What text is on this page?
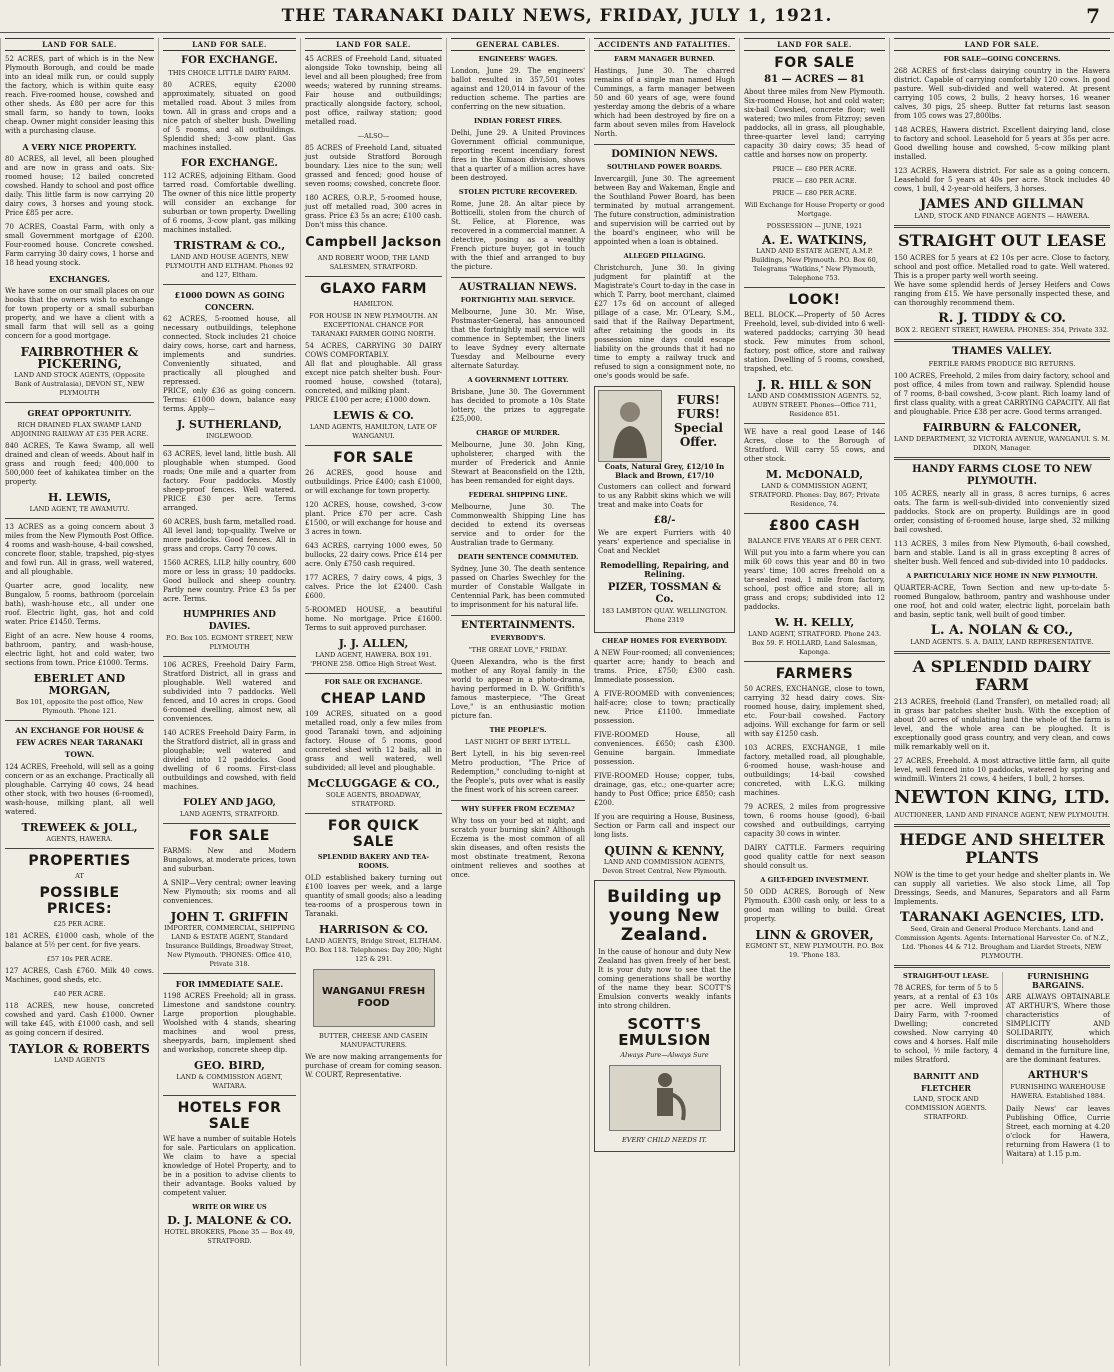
THE TARANAKI DAILY NEWS, FRIDAY, JULY 1, 1921.	7
LAND FOR SALE.

52 ACRES, part of which is in the New Plymouth Borough, and could be made into an ideal milk run, or could supply the factory, which is within quite easy reach. Five-roomed house, cowshed and other sheds. As £80 per acre for this small farm, so handy to town, looks cheap. Owner might consider leasing this with a purchasing clause.

A VERY NICE PROPERTY.

80 ACRES, all level, all been ploughed and are now in grass and oats. Six-roomed house; 12 bailed concreted cowshed. Handy to school and post office daily. This little farm is now carrying 20 dairy cows, 3 horses and young stock. Price £85 per acre.

70 ACRES, Coastal Farm, with only a small Government mortgage of £200. Four-roomed house. Concrete cowshed. Farm carrying 30 dairy cows, 1 horse and 18 head young stock.

EXCHANGES.

We have some on our small places on our books that the owners wish to exchange for town property or a small suburban property, and we have a client with a small farm that will sell as a going concern for a good mortgage.

FAIRBROTHER & PICKERING,
LAND AND STOCK AGENTS, (Opposite Bank of Australasia), DEVON ST., NEW PLYMOUTH
GREAT OPPORTUNITY.
RICH DRAINED FLAX SWAMP LAND ADJOINING RAILWAY AT £35 PER ACRE.

840 ACRES, Te Kawa Swamp, all well drained and clean of weeds. About half in grass and rough feed; 400,000 to 500,000 feet of kahikatea timber on the property.

H. LEWIS,
LAND AGENT, TE AWAMUTU.

13 ACRES as a going concern about 3 miles from the New Plymouth Post Office. 4 rooms and wash-house, 4-bail cowshed, concrete floor, stable, trapshed, pig-styes and fowl run. All in grass, well watered, and all ploughable.

Quarter acre, good locality, new Bungalow, 5 rooms, bathroom (porcelain bath), wash-house etc., all under one roof. Electric light, gas, hot and cold water. Price £1450. Terms.

Eight of an acre. New house 4 rooms, bathroom, pantry, and wash-house, electric light, hot and cold water, two sections from town. Price £1000. Terms.

EBERLET AND MORGAN,
Box 101, opposite the post office, New Plymouth. 'Phone 121.
AN EXCHANGE FOR HOUSE & FEW ACRES NEAR TARANAKI TOWN.

124 ACRES, Freehold, will sell as a going concern or as an exchange. Practically all ploughable. Carrying 40 cows, 24 head other stock, with two houses (6-roomed), wash-house, milking plant, all well watered.

TREWEEK & JOLL,
AGENTS, HAWERA.
PROPERTIES
AT
POSSIBLE PRICES:
£25 PER ACRE.

181 ACRES, £1000 cash, whole of the balance at 5½ per cent. for five years.

£57 10s PER ACRE.

127 ACRES, Cash £760. Milk 40 cows. Machines, good sheds, etc.

£40 PER ACRE.

118 ACRES, new house, concreted cowshed and yard. Cash £1000. Owner will take £45, with £1000 cash, and sell as going concern if desired.

TAYLOR & ROBERTS
LAND AGENTS
LAND FOR SALE.
FOR EXCHANGE.
THIS CHOICE LITTLE DAIRY FARM.

80 ACRES, equity £2000 approximately, situated on good metalled road. About 3 miles from town. All in grass and crops and a nice patch of shelter bush. Dwelling of 5 rooms, and all outbuildings. Splendid shed; 3-cow plant. Gas machines installed.

FOR EXCHANGE.

112 ACRES, adjoining Eltham. Good tarred road. Comfortable dwelling. The owner of this nice little property will consider an exchange for suburban or town property. Dwelling of 6 rooms, 3-cow plant, gas milking machines installed.

TRISTRAM & CO.,
LAND AND HOUSE AGENTS, NEW PLYMOUTH AND ELTHAM. Phones 92 and 127, Eltham.
£1000 DOWN AS GOING CONCERN.

62 ACRES, 5-roomed house, all necessary outbuildings, telephone connected. Stock includes 21 choice dairy cows, horse, cart and harness, implements and sundries. Conveniently situated, and practically all ploughed and repressed.

PRICE, only £36 as going concern. Terms: £1000 down, balance easy terms. Apply—

J. SUTHERLAND,
INGLEWOOD.

63 ACRES, level land, little bush. All ploughable when stumped. Good roads; One mile and a quarter from factory. Four paddocks. Mostly sheep-proof fences. Well watered. PRICE £30 per acre. Terms arranged.

60 ACRES, bush farm, metalled road. All level land; top-quality. Twelve or more paddocks. Good fences. All in grass and crops. Carry 70 cows.

1560 ACRES, LILP, hilly country, 600 more or less in grass; 10 paddocks. Good bullock and sheep country. Partly new country. Price £3 5s per acre. Terms.

HUMPHRIES AND DAVIES.
P.O. Box 105. EGMONT STREET, NEW PLYMOUTH

106 ACRES, Freehold Dairy Farm, Stratford District, all in grass and ploughable. Well watered and subdivided into 7 paddocks. Well fenced, and 10 acres in crops. Good 6-roomed dwelling, almost new, all conveniences.

140 ACRES Freehold Dairy Farm, in the Stratford district, all in grass and ploughable; well watered and divided into 12 paddocks. Good dwelling of 6 rooms. First-class outbuildings and cowshed, with field machines.

FOLEY AND JAGO,
LAND AGENTS, STRATFORD.
FOR SALE

FARMS: New and Modern Bungalows, at moderate prices, town and suburban.

A SNIP—Very central; owner leaving New Plymouth; six rooms and all conveniences.

JOHN T. GRIFFIN
IMPORTER, COMMERCIAL, SHIPPING LAND & ESTATE AGENT, Standard Insurance Buildings, Broadway Street, New Plymouth. 'PHONES: Office 410, Private 318.
FOR IMMEDIATE SALE.

1198 ACRES Freehold; all in grass. Limestone and sandstone country. Large proportion ploughable. Woolshed with 4 stands, shearing machines and wool press, sheepyards, barn, implement shed and workshop, concrete sheep dip.

GEO. BIRD,
LAND & COMMISSION AGENT, WAITARA.
HOTELS FOR SALE

WE have a number of suitable Hotels for sale. Particulars on application. We claim to have a special knowledge of Hotel Property, and to be in a position to advise clients to their advantage. Books valued by competent valuer.

WRITE OR WIRE US
D. J. MALONE & CO.
HOTEL BROKERS, Phone 35 — Box 49, STRATFORD.
LAND FOR SALE.

45 ACRES of Freehold Land, situated alongside Toko township, being all level and all been ploughed; free from weeds; watered by running streams. Fair house and outbuildings; practically alongside factory, school, post office, railway station; good metalled road.

—ALSO—

85 ACRES of Freehold Land, situated just outside Stratford Borough boundary. Lies nice to the sun; well grassed and fenced; good house of seven rooms; cowshed, concrete floor.

180 ACRES, O.R.P., 5-roomed house, just off metalled road, 300 acres in grass. Price £3 5s an acre; £100 cash. Don't miss this chance.

Campbell Jackson
AND ROBERT WOOD, THE LAND SALESMEN, STRATFORD.
GLAXO FARM
HAMILTON.
FOR HOUSE IN NEW PLYMOUTH. AN EXCEPTIONAL CHANCE FOR TARANAKI FARMER GOING NORTH.

54 ACRES, CARRYING 30 DAIRY COWS COMFORTABLY.

All flat and ploughable. All grass except nice patch shelter bush. Four-roomed house, cowshed (totara), concreted, and milking plant.

PRICE £100 per acre; £1000 down.

LEWIS & CO.
LAND AGENTS, HAMILTON, LATE OF WANGANUI.
FOR SALE

26 ACRES, good house and outbuildings. Price £400; cash £1000, or will exchange for town property.

120 ACRES, house, cowshed, 3-cow plant. Price £70 per acre. Cash £1500, or will exchange for house and 3 acres in town.

643 ACRES, carrying 1000 ewes, 50 bullocks, 22 dairy cows. Price £14 per acre. Only £750 cash required.

177 ACRES, 7 dairy cows, 4 pigs, 3 calves. Price the lot £2400. Cash £600.

5-ROOMED HOUSE, a beautiful home. No mortgage. Price £1600. Terms to suit approved purchaser.

J. J. ALLEN,
LAND AGENT, HAWERA. BOX 191. 'PHONE 258. Office High Street West.
FOR SALE OR EXCHANGE.
CHEAP LAND

109 ACRES, situated on a good metalled road, only a few miles from good Taranaki town, and adjoining factory. House of 5 rooms, good concreted shed with 12 bails, all in grass and well watered, well subdivided; all level and ploughable.

McCLUGGAGE & CO.,
SOLE AGENTS, BROADWAY, STRATFORD.
FOR QUICK SALE
SPLENDID BAKERY AND TEA-ROOMS.

OLD established bakery turning out £100 loaves per week, and a large quantity of small goods; also a leading tea-rooms of a prosperous town in Taranaki.

HARRISON & CO.
LAND AGENTS, Bridge Street, ELTHAM. P.O. Box 118. Telephones: Day 200; Night 125 & 291.
WANGANUI FRESH FOOD
BUTTER, CHEESE AND CASEIN MANUFACTURERS.

We are now making arrangements for purchase of cream for coming season. W. COURT, Representative.

GENERAL CABLES.
ENGINEERS' WAGES.

London, June 29. The engineers' ballot resulted in 357,501 votes against and 120,014 in favour of the reduction scheme. The parties are conferring on the new situation.

INDIAN FOREST FIRES.

Delhi, June 29. A United Provinces Government official communique, reporting recent incendiary forest fires in the Kumaon division, shows that a quarter of a million acres have been destroyed.

STOLEN PICTURE RECOVERED.

Rome, June 28. An altar piece by Botticelli, stolen from the church of St. Felice, at Florence, was recovered in a commercial manner. A detective, posing as a wealthy French picture buyer, got in touch with the thief and arranged to buy the picture.

AUSTRALIAN NEWS.
FORTNIGHTLY MAIL SERVICE.

Melbourne, June 30. Mr. Wise, Postmaster-General, has announced that the fortnightly mail service will commence in September, the liners to leave Sydney every alternate Tuesday and Melbourne every alternate Saturday.

A GOVERNMENT LOTTERY.

Brisbane, June 30. The Government has decided to promote a 10s State lottery, the prizes to aggregate £25,000.

CHARGE OF MURDER.

Melbourne, June 30. John King, upholsterer, charged with the murder of Frederick and Annie Stewart at Beaconsfield on the 12th, has been remanded for eight days.

FEDERAL SHIPPING LINE.

Melbourne, June 30. The Commonwealth Shipping Line has decided to extend its overseas service and to order for the Australian trade to Germany.

DEATH SENTENCE COMMUTED.

Sydney, June 30. The death sentence passed on Charles Swechley for the murder of Constable Wallgate in Centennial Park, has been commuted to imprisonment for his natural life.

ENTERTAINMENTS.
EVERYBODY'S.
"THE GREAT LOVE," FRIDAY.

Queen Alexandra, who is the first mother of any Royal family in the world to appear in a photo-drama, having performed in D. W. Griffith's famous masterpiece, "The Great Love," is an enthusiastic motion picture fan.

THE PEOPLE'S.
LAST NIGHT OF BERT LYTELL.

Bert Lytell, in his big seven-reel Metro production, "The Price of Redemption," concluding to-night at the People's, puts over what is easily the finest work of his screen career.

WHY SUFFER FROM ECZEMA?

Why toss on your bed at night, and scratch your burning skin? Although Eczema is the most common of all skin diseases, and often resists the most obstinate treatment, Rexona ointment relieves and soothes at once.

ACCIDENTS AND FATALITIES.
FARM MANAGER BURNED.

Hastings, June 30. The charred remains of a single man named Hugh Cummings, a farm manager between 50 and 60 years of age, were found yesterday among the debris of a whare which had been destroyed by fire on a farm about seven miles from Havelock North.

DOMINION NEWS.
SOUTHLAND POWER BOARDS.

Invercargill, June 30. The agreement between Bay and Wakeman, Engle and the Southland Power Board, has been terminated by mutual arrangement. The future construction, administration and supervision will be carried out by the board's engineer, who will be appointed when a loan is obtained.

ALLEGED PILLAGING.

Christchurch, June 30. In giving judgment for plaintiff at the Magistrate's Court to-day in the case in which T. Parry, boot merchant, claimed £27 17s 6d on account of alleged pillage of a case, Mr. O'Leary, S.M., said that if the Railway Department, after retaining the goods in its possession nine days could escape liability on the grounds that it had no time to empty a railway truck and refused to sign a consignment note, no one's goods would be safe.

FURS! FURS! Special Offer.
Coats, Natural Grey, £12/10 In Black and Brown, £17/10

Customers can collect and forward to us any Rabbit skins which we will treat and make into Coats for

£8/-

We are expert Furriers with 40 years' experience and specialise in Coat and Necklet

Remodelling, Repairing, and Relining.
PIZER, TOSSMAN & Co.
183 LAMBTON QUAY. WELLINGTON. Phone 2319
CHEAP HOMES FOR EVERYBODY.

A NEW Four-roomed; all conveniences; quarter acre; handy to beach and trams. Price, £750; £300 cash. Immediate possession.

A FIVE-ROOMED with conveniences; half-acre; close to town; practically new. Price £1100. Immediate possession.

FIVE-ROOMED House, all conveniences. £650; cash £300. Genuine bargain. Immediate possession.

FIVE-ROOMED House; copper, tubs, drainage, gas, etc.; one-quarter acre; handy to Post Office; price £850; cash £200.

If you are requiring a House, Business, Section or Farm call and inspect our long lists.

QUINN & KENNY,
LAND AND COMMISSION AGENTS, Devon Street Central, New Plymouth.
Building up young New Zealand.

In the cause of honour and duty New Zealand has given freely of her best. It is your duty now to see that the coming generations shall be worthy of the name they bear. SCOTT'S Emulsion converts weakly infants into strong children.

SCOTT'S EMULSION
Always Pure—Always Sure
EVERY CHILD NEEDS IT.
LAND FOR SALE.
FOR SALE
81 — ACRES — 81

About three miles from New Plymouth. Six-roomed House, hot and cold water; six-bail Cowshed, concrete floor; well watered; two miles from Fitzroy; seven paddocks, all in grass, all ploughable, three-quarter level land; carrying capacity 30 dairy cows; 35 head of cattle and horses now on property.

PRICE — £80 PER ACRE.
PRICE — £80 PER ACRE.
PRICE — £80 PER ACRE.
Will Exchange for House Property or good Mortgage.
POSSESSION — JUNE, 1921
A. E. WATKINS,
LAND AND ESTATE AGENT, A.M.P. Buildings, New Plymouth. P.O. Box 60, Telegrams "Watkins," New Plymouth, Telephone 753.
LOOK!

BELL BLOCK.—Property of 50 Acres Freehold, level, sub-divided into 6 well-watered paddocks; carrying 30 head stock. Few minutes from school, factory, post office, store and railway station. Dwelling of 5 rooms, cowshed, trapshed, etc.

J. R. HILL & SON
LAND AND COMMISSION AGENTS. 52, AUBYN STREET. Phones—Office 711, Residence 851.

WE have a real good Lease of 146 Acres, close to the Borough of Stratford. Will carry 55 cows, and other stock.

M. McDONALD,
LAND & COMMISSION AGENT, STRATFORD. Phones: Day, 867; Private Residence, 74.
£800 CASH
BALANCE FIVE YEARS AT 6 PER CENT.

Will put you into a farm where you can milk 60 cows this year and 80 in two years' time; 100 acres freehold on a tar-sealed road, 1 mile from factory, school, post office and store; all in grass and crops; subdivided into 12 paddocks.

W. H. KELLY,
LAND AGENT, STRATFORD. Phone 243. Box 59. F. HOLLARD, Land Salesman, Kaponga.
FARMERS

50 ACRES, EXCHANGE, close to town, carrying 32 head dairy cows. Six-roomed house, dairy, implement shed, etc. Four-bail cowshed. Factory adjoins. Will exchange for farm or sell with say £1250 cash.

103 ACRES, EXCHANGE, 1 mile factory, metalled road, all ploughable, 6-roomed house, wash-house and outbuildings; 14-bail cowshed concreted, with L.K.G. milking machines.

79 ACRES, 2 miles from progressive town, 6 rooms house (good), 6-bail cowshed and outbuildings, carrying capacity 30 cows in winter.

DAIRY CATTLE. Farmers requiring good quality cattle for next season should consult us.

A GILT-EDGED INVESTMENT.

50 ODD ACRES, Borough of New Plymouth. £300 cash only, or less to a good man willing to build. Great property.

LINN & GROVER,
EGMONT ST., NEW PLYMOUTH. P.O. Box 19. 'Phone 183.
LAND FOR SALE.
FOR SALE—GOING CONCERNS.

268 ACRES of first-class dairying country in the Hawera district. Capable of carrying comfortably 120 cows. In good pasture. Well sub-divided and well watered. At present carrying 105 cows, 2 bulls, 2 heavy horses, 16 weaner calves, 30 pigs, 25 sheep. Butter fat returns last season from 105 cows was 27,800lbs.

148 ACRES, Hawera district. Excellent dairying land, close to factory and school. Leasehold for 5 years at 35s per acre. Good dwelling house and cowshed, 5-cow milking plant installed.

123 ACRES, Hawera district. For sale as a going concern. Leasehold for 5 years at 40s per acre. Stock includes 40 cows, 1 bull, 4 2-year-old heifers, 3 horses.

JAMES AND GILLMAN
LAND, STOCK AND FINANCE AGENTS — HAWERA.
STRAIGHT OUT LEASE

150 ACRES for 5 years at £2 10s per acre. Close to factory, school and post office. Metalled road to gate. Well watered. This is a proper party well worth seeing.

We have some splendid herds of Jersey Heifers and Cows ranging from £15. We have personally inspected these, and can thoroughly recommend them.

R. J. TIDDY & CO.
BOX 2. REGENT STREET, HAWERA. PHONES: 354, Private 332.
THAMES VALLEY.
FERTILE FARMS PRODUCE BIG RETURNS.

100 ACRES, Freehold, 2 miles from dairy factory, school and post office, 4 miles from town and railway. Splendid house of 7 rooms, 8-bail cowshed, 3-cow plant. Rich loamy land of first class quality, with a great CARRYING CAPACITY. All flat and ploughable. Price £38 per acre. Good terms arranged.

FAIRBURN & FALCONER,
LAND DEPARTMENT, 32 VICTORIA AVENUE, WANGANUI. S. M. DIXON, Manager.
HANDY FARMS CLOSE TO NEW PLYMOUTH.

105 ACRES, nearly all in grass, 8 acres turnips, 6 acres oats. The farm is well-sub-divided into conveniently sized paddocks. Stock are on property. Buildings are in good order, consisting of 6-roomed house, large shed, 32 milking bail cowshed.

113 ACRES, 3 miles from New Plymouth, 6-bail cowshed, barn and stable. Land is all in grass excepting 8 acres of shelter bush. Well fenced and sub-divided into 10 paddocks.

A PARTICULARLY NICE HOME IN NEW PLYMOUTH.

QUARTER-ACRE, Town Section and new up-to-date 5-roomed Bungalow, bathroom, pantry and washhouse under one roof, hot and cold water, electric light, porcelain bath and basin, septic tank, well built of good timber.

L. A. NOLAN & CO.,
LAND AGENTS. S. A. DAILY, LAND REPRESENTATIVE.
A SPLENDID DAIRY FARM

213 ACRES, freehold (Land Transfer), on metalled road; all in grass bar patches shelter bush. With the exception of about 20 acres of undulating land the whole of the farm is level, and the whole area can be ploughed. It is exceptionally good grass country, and very clean, and cows milk remarkably well on it.

27 ACRES, Freehold. A most attractive little farm, all quite level, well fenced into 10 paddocks, watered by spring and windmill. Winters 21 cows, 4 heifers, 1 bull, 2 horses.

NEWTON KING, LTD.
AUCTIONEER, LAND AND FINANCE AGENT, NEW PLYMOUTH.
HEDGE AND SHELTER PLANTS

NOW is the time to get your hedge and shelter plants in. We can supply all varieties. We also stock Lime, all Top Dressings, Seeds, and Manures, Separators and all Farm Implements.

TARANAKI AGENCIES, LTD.
Seed, Grain and General Produce Merchants. Land and Commission Agents. Agents: International Harvester Co. of N.Z., Ltd. 'Phones 44 & 712. Brougham and Liardet Streets, NEW PLYMOUTH.
STRAIGHT-OUT LEASE.

78 ACRES, for term of 5 to 5 years, at a rental of £3 10s per acre. Well improved Dairy Farm, with 7-roomed Dwelling; concreted cowshed. Now carrying 40 cows and 4 horses. Half mile to school, ½ mile factory, 4 miles Stratford.

BARNITT AND FLETCHER
LAND, STOCK AND COMMISSION AGENTS. STRATFORD.
FURNISHING BARGAINS.

ARE ALWAYS OBTAINABLE AT ARTHUR'S, Where those characteristics of SIMPLICITY AND SOLIDARITY, which discriminating householders demand in the furniture line, are the dominant features.

ARTHUR'S
FURNISHING WAREHOUSE HAWERA. Established 1884.

Daily News' car leaves Publishing Office, Currie Street, each morning at 4.20 o'clock for Hawera, returning from Hawera (1 to Waitara) at 1.15 p.m.
